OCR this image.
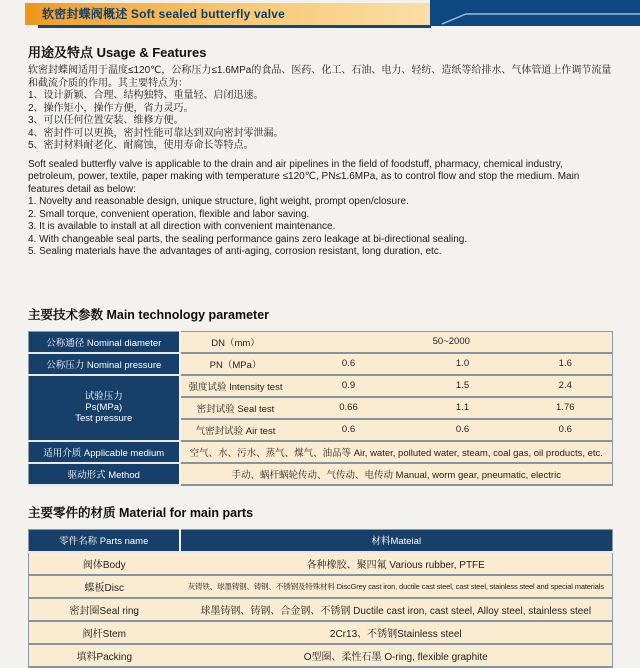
软密封蝶阀概述 Soft sealed butterfly valve
用途及特点 Usage & Features
软密封蝶阀适用于温度≤120℃，公称压力≤1.6MPa的食品、医药、化工、石油、电力、轻纺、造纸等给排水、气体管道上作调节流量和截流介质的作用。其主要特点为：
1、设计新颖、合理、结构独特、重量轻、启闭迅速。
2、操作矩小，操作方便，省力灵巧。
3、可以任何位置安装、维修方便。
4、密封件可以更换，密封性能可靠达到双向密封零泄漏。
5、密封材料耐老化、耐腐蚀，使用寿命长等特点。
Soft sealed butterfly valve is applicable to the drain and air pipelines in the field of foodstuff, pharmacy, chemical industry, petroleum, power, textile, paper making with temperature ≤120℃, PN≤1.6MPa, as to control flow and stop the medium. Main features detail as below:
1. Novelty and reasonable design, unique structure, light weight, prompt open/closure.
2. Small torque, convenient operation, flexible and labor saving.
3. It is available to install at all direction with convenient maintenance.
4. With changeable seal parts, the sealing performance gains zero leakage at bi-directional sealing.
5. Sealing materials have the advantages of anti-aging, corrosion resistant, long duration, etc.
主要技术参数 Main technology parameter
公称通径 Nominal diameter	DN（mm）	50~2000		
公称压力 Nominal pressure	PN（MPa）	0.6	1.0	1.6

试验压力
Ps(MPa)
Test pressure	强度试验 Intensity test	0.9	1.5	2.4
	密封试验 Seal test	0.66	1.1	1.76
	气密封试验 Air test	0.6	0.6	0.6
适用介质 Applicable medium	空气、水、污水、蒸气、煤气、油品等 Air, water, polluted water, steam, coal gas, oil products, etc.			
驱动形式 Method	手动、蜗杆蜗轮传动、气传动、电传动 Manual, worm gear, pneumatic, electric			
主要零件的材质 Material for main parts
零件名称 Parts name	材料Mateial
阀体Body	各种橡胶、聚四氟 Various rubber, PTFE
蝶板Disc	灰铸铁、球墨铸钢、铸钢、不锈钢及特殊材料 DiscGrey cast iron, ductile cast steel, cast steel, stainless steel and special materials
密封圈Seal ring	球墨铸钢、铸钢、合金钢、不锈钢 Ductile cast iron, cast steel, Alloy steel, stainless steel
阀杆Stem	2Cr13、不锈钢Stainless steel
填料Packing	O型圈、柔性石墨 O-ring, flexible graphite
